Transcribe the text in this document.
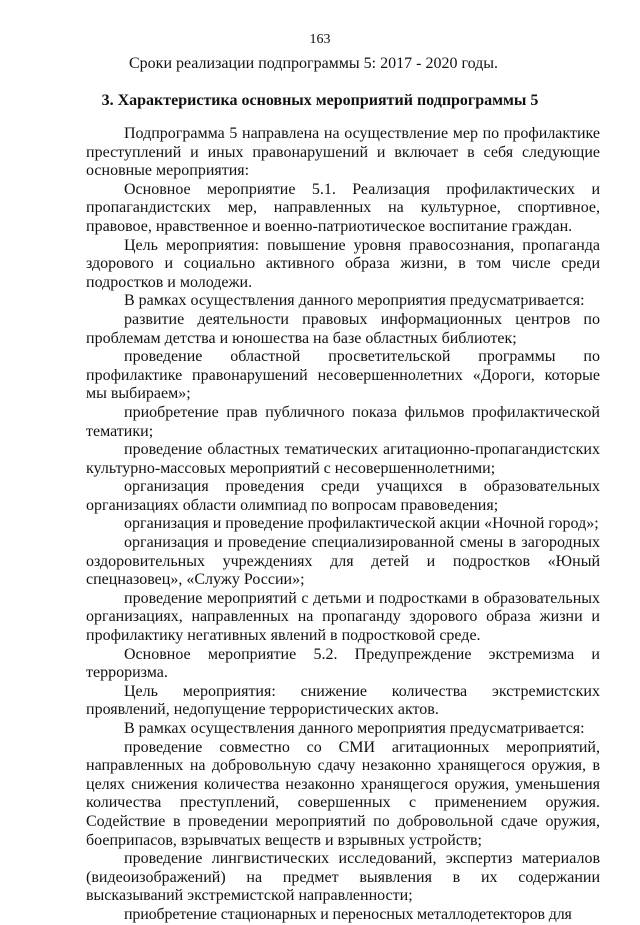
163
Сроки реализации подпрограммы 5: 2017 - 2020 годы.
3. Характеристика основных мероприятий подпрограммы 5

Подпрограмма 5 направлена на осуществление мер по профилактике преступлений и иных правонарушений и включает в себя следующие основные мероприятия:

Основное мероприятие 5.1. Реализация профилактических и пропагандистских мер, направленных на культурное, спортивное, правовое, нравственное и военно-патриотическое воспитание граждан.

Цель мероприятия: повышение уровня правосознания, пропаганда здорового и социально активного образа жизни, в том числе среди подростков и молодежи.

В рамках осуществления данного мероприятия предусматривается:

развитие деятельности правовых информационных центров по проблемам детства и юношества на базе областных библиотек;

проведение областной просветительской программы по профилактике правонарушений несовершеннолетних «Дороги, которые мы выбираем»;

приобретение прав публичного показа фильмов профилактической тематики;

проведение областных тематических агитационно-пропагандистских культурно-массовых мероприятий с несовершеннолетними;

организация проведения среди учащихся в образовательных организациях области олимпиад по вопросам правоведения;

организация и проведение профилактической акции «Ночной город»;

организация и проведение специализированной смены в загородных оздоровительных учреждениях для детей и подростков «Юный спецназовец», «Служу России»;

проведение мероприятий с детьми и подростками в образовательных организациях, направленных на пропаганду здорового образа жизни и профилактику негативных явлений в подростковой среде.

Основное мероприятие 5.2. Предупреждение экстремизма и терроризма.

Цель мероприятия: снижение количества экстремистских проявлений, недопущение террористических актов.

В рамках осуществления данного мероприятия предусматривается:

проведение совместно со СМИ агитационных мероприятий, направленных на добровольную сдачу незаконно хранящегося оружия, в целях снижения количества незаконно хранящегося оружия, уменьшения количества преступлений, совершенных с применением оружия. Содействие в проведении мероприятий по добровольной сдаче оружия, боеприпасов, взрывчатых веществ и взрывных устройств;

проведение лингвистических исследований, экспертиз материалов (видеоизображений) на предмет выявления в их содержании высказываний экстремистской направленности;

приобретение стационарных и переносных металлодетекторов для
